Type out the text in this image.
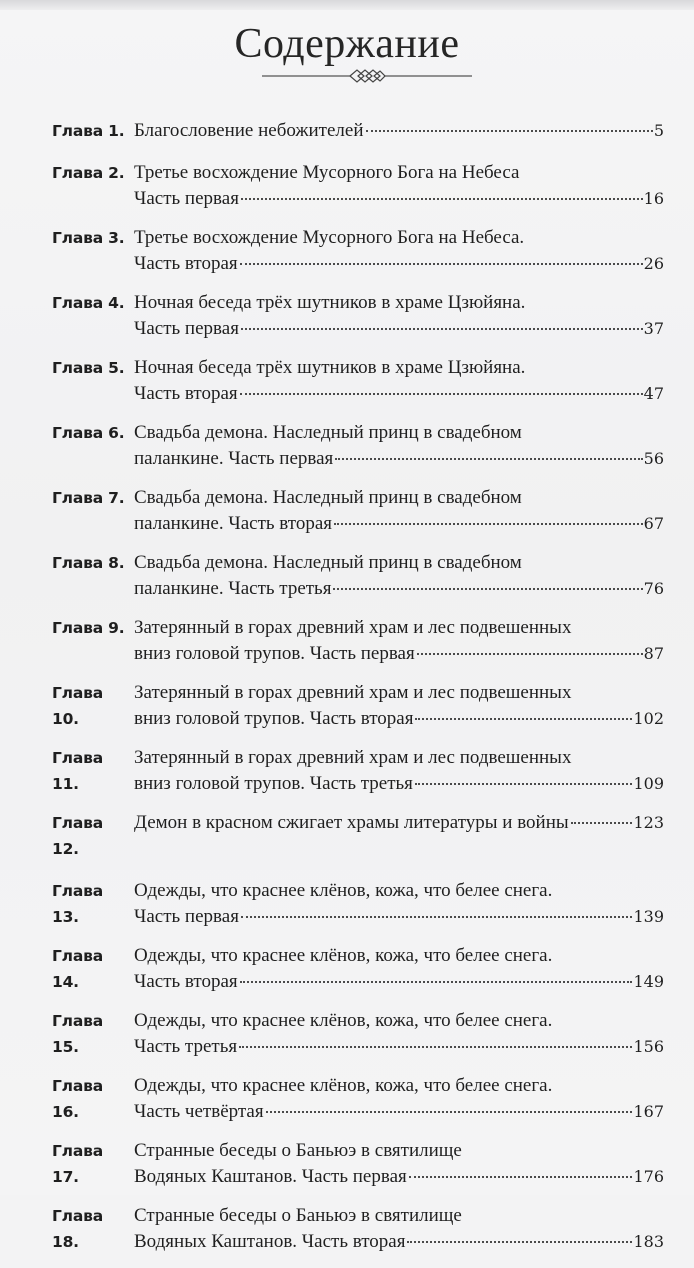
Содержание
Глава 1. Благословение небожителей	5
Глава 2. Третье восхождение Мусорного Бога на Небеса
Часть первая	16
Глава 3. Третье восхождение Мусорного Бога на Небеса.
Часть вторая	26
Глава 4. Ночная беседа трёх шутников в храме Цзюйяна.
Часть первая	37
Глава 5. Ночная беседа трёх шутников в храме Цзюйяна.
Часть вторая	47
Глава 6. Свадьба демона. Наследный принц в свадебном
паланкине. Часть первая	56
Глава 7. Свадьба демона. Наследный принц в свадебном
паланкине. Часть вторая	67
Глава 8. Свадьба демона. Наследный принц в свадебном
паланкине. Часть третья	76
Глава 9. Затерянный в горах древний храм и лес подвешенных
вниз головой трупов. Часть первая	87
Глава 10.
Затерянный в горах древний храм и лес подвешенных
вниз головой трупов. Часть вторая	102
Глава 11.
Затерянный в горах древний храм и лес подвешенных
вниз головой трупов. Часть третья	109
Глава 12.
Демон в красном сжигает храмы литературы и войны	123
Глава 13.
Одежды, что краснее клёнов, кожа, что белее снега.
Часть первая	139
Глава 14.
Одежды, что краснее клёнов, кожа, что белее снега.
Часть вторая	149
Глава 15.
Одежды, что краснее клёнов, кожа, что белее снега.
Часть третья	156
Глава 16.
Одежды, что краснее клёнов, кожа, что белее снега.
Часть четвёртая	167
Глава 17.
Странные беседы о Баньюэ в святилище
Водяных Каштанов. Часть первая	176
Глава 18.
Странные беседы о Баньюэ в святилище
Водяных Каштанов. Часть вторая	183
